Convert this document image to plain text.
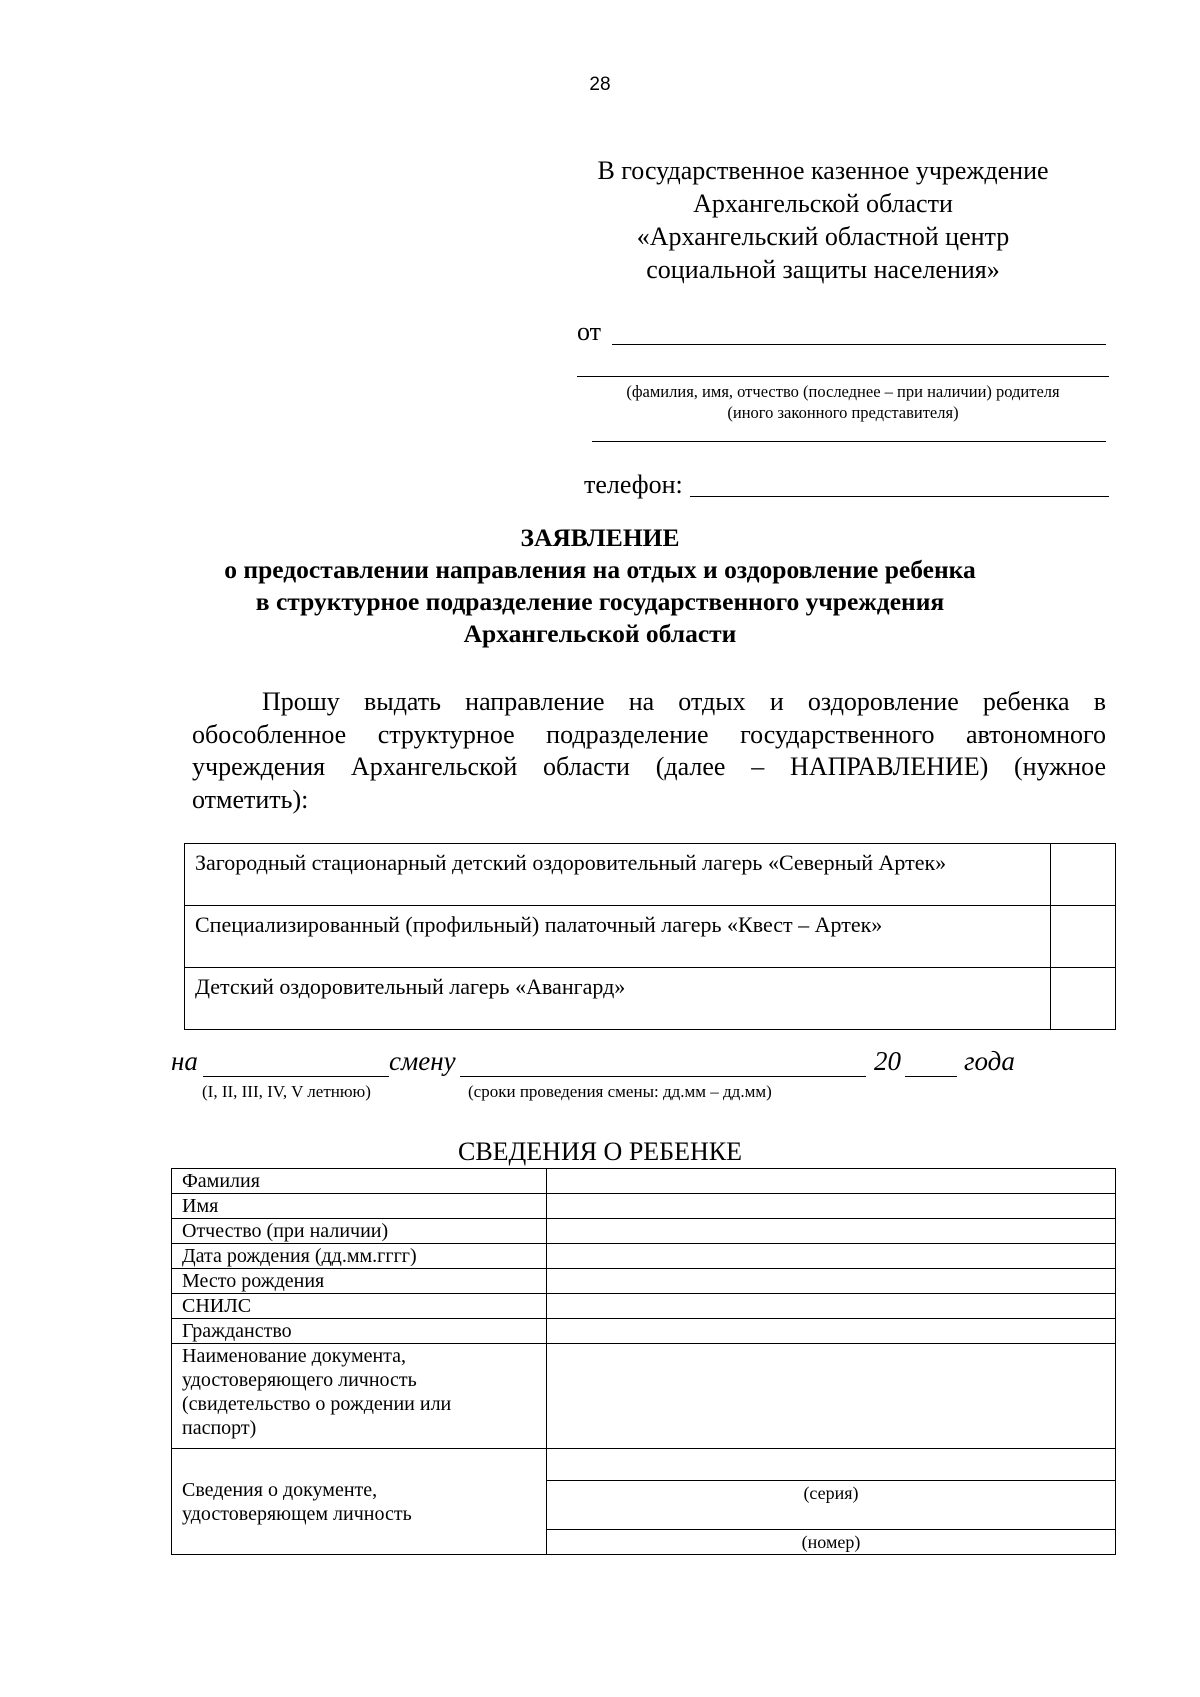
28
В государственное казенное учреждение
Архангельской области
«Архангельский областной центр
социальной защиты населения»
от
(фамилия, имя, отчество (последнее – при наличии) родителя
(иного законного представителя)
телефон:
ЗАЯВЛЕНИЕ
о предоставлении направления на отдых и оздоровление ребенка
в структурное подразделение государственного учреждения
Архангельской области
Прошу выдать направление на отдых и оздоровление ребенка в обособленное структурное подразделение государственного автономного учреждения Архангельской области (далее – НАПРАВЛЕНИЕ) (нужное отметить):
Загородный стационарный детский оздоровительный лагерь «Северный Артек»	
Специализированный (профильный) палаточный лагерь «Квест – Артек»	
Детский оздоровительный лагерь «Авангард»	
на	смену	20 года
(I, II, III, IV, V летнюю)	(сроки проведения смены: дд.мм – дд.мм)
СВЕДЕНИЯ О РЕБЕНКЕ
Фамилия	
Имя	
Отчество (при наличии)	
Дата рождения (дд.мм.гггг)	
Место рождения	
СНИЛС	
Гражданство	

Наименование документа,
удостоверяющего личность
(свидетельство о рождении или
паспорт)	

Сведения о документе,
удостоверяющем личность	

	(серия)
	(номер)
